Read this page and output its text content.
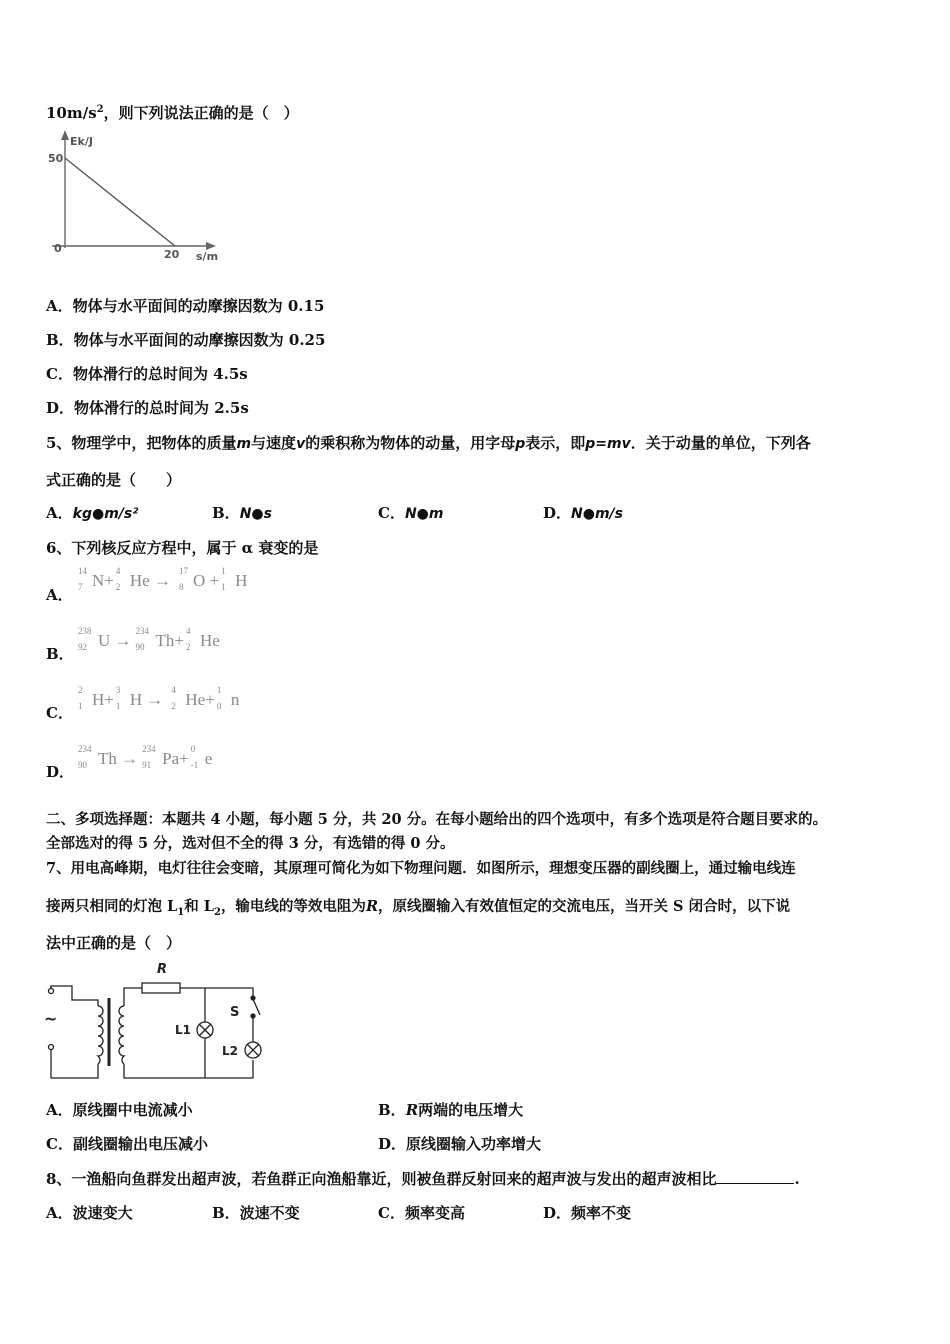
$10m/s^2$，则下列说法正确的是（　）
Ek/J
50
0	20 s/m
A．物体与水平面间的动摩擦因数为 0.15
B．物体与水平面间的动摩擦因数为 0.25
C．物体滑行的总时间为 4.5s
D．物体滑行的总时间为 2.5s
5、物理学中，把物体的质量m与速度v的乘积称为物体的动量，用字母p表示，即p=mv．关于动量的单位，下列各
式正确的是（　　）
A．kg●m/s²	B．N●s	C．N●m	D．N●m/s
6、下列核反应方程中，属于 α 衰变的是
A．
14
7 N+ 4
2 He → 17
8 O + 1
1 H
B．
238
92 U → 234
90 Th+ 4
2 He
C．
2
1 H+ 3
1 H → 4
2 He+ 1
0 n
D．
234
90 Th → 234
91 Pa+ 0
-1 e
二、多项选择题：本题共 4 小题，每小题 5 分，共 20 分。在每小题给出的四个选项中，有多个选项是符合题目要求的。
全部选对的得 5 分，选对但不全的得 3 分，有选错的得 0 分。
7、用电高峰期，电灯往往会变暗，其原理可简化为如下物理问题．如图所示，理想变压器的副线圈上，通过输电线连
接两只相同的灯泡 $L_1$和 $L_2$，输电线的等效电阻为R，原线圈输入有效值恒定的交流电压，当开关 S 闭合时，以下说
法中正确的是（　）
R
S
L1
L2
~
A．原线圈中电流减小	B．R两端的电压增大
C．副线圈输出电压减小	D．原线圈输入功率增大
8、一渔船向鱼群发出超声波，若鱼群正向渔船靠近，则被鱼群反射回来的超声波与发出的超声波相比	.
A．波速变大	B．波速不变	C．频率变高	D．频率不变
